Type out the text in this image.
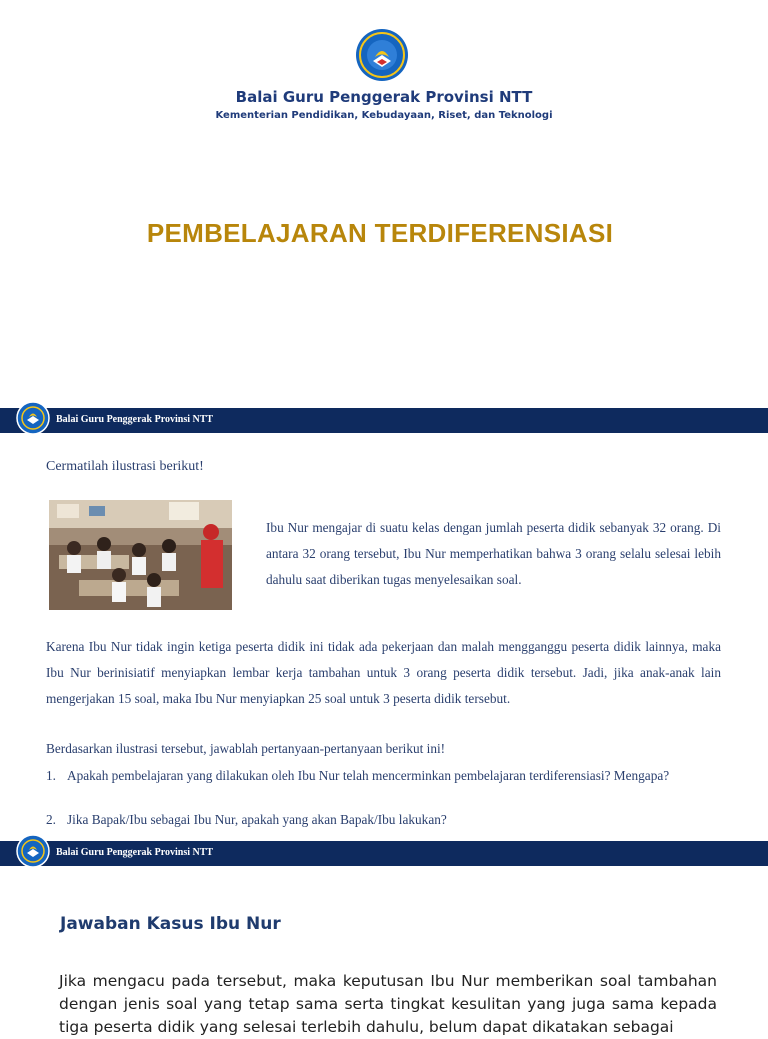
Balai Guru Penggerak Provinsi NTT
Kementerian Pendidikan, Kebudayaan, Riset, dan Teknologi
PEMBELAJARAN TERDIFERENSIASI
Balai Guru Penggerak Provinsi NTT
Cermatilah ilustrasi berikut!
Ibu Nur mengajar di suatu kelas dengan jumlah peserta didik sebanyak 32 orang. Di antara 32 orang tersebut, Ibu Nur memperhatikan bahwa 3 orang selalu selesai lebih dahulu saat diberikan tugas menyelesaikan soal.
Karena Ibu Nur tidak ingin ketiga peserta didik ini tidak ada pekerjaan dan malah mengganggu peserta didik lainnya, maka Ibu Nur berinisiatif menyiapkan lembar kerja tambahan untuk 3 orang peserta didik tersebut. Jadi, jika anak-anak lain mengerjakan 15 soal, maka Ibu Nur menyiapkan 25 soal untuk 3 peserta didik tersebut.
Berdasarkan ilustrasi tersebut, jawablah pertanyaan-pertanyaan berikut ini!
1. Apakah pembelajaran yang dilakukan oleh Ibu Nur telah mencerminkan pembelajaran terdiferensiasi? Mengapa?
2. Jika Bapak/Ibu sebagai Ibu Nur, apakah yang akan Bapak/Ibu lakukan?
Balai Guru Penggerak Provinsi NTT
Jawaban Kasus Ibu Nur
Jika mengacu pada tersebut, maka keputusan Ibu Nur memberikan soal tambahan dengan jenis soal yang tetap sama serta tingkat kesulitan yang juga sama kepada tiga peserta didik yang selesai terlebih dahulu, belum dapat dikatakan sebagai
